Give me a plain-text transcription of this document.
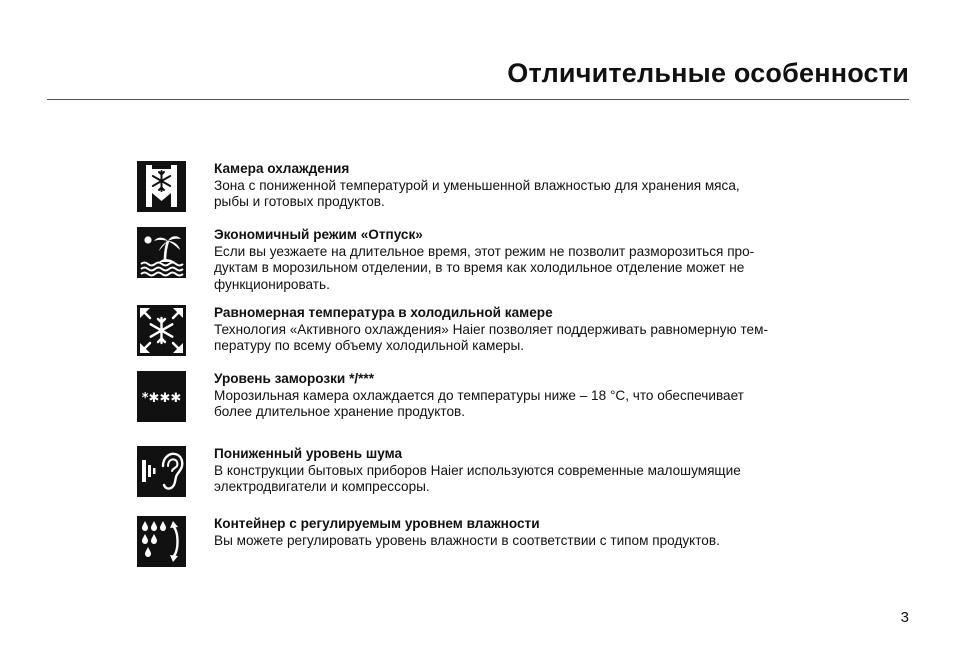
Отличительные особенности
Камера охлаждения
Зона с пониженной температурой и уменьшенной влажностью для хранения мяса,
рыбы и готовых продуктов.
Экономичный режим «Отпуск»
Если вы уезжаете на длительное время, этот режим не позволит разморозиться про-
дуктам в морозильном отделении, в то время как холодильное отделение может не
функционировать.
Равномерная температура в холодильной камере
Технология «Активного охлаждения» Haier позволяет поддерживать равномерную тем-
пературу по всему объему холодильной камеры.
*✱✱✱
Уровень заморозки */***
Морозильная камера охлаждается до температуры ниже – 18 °С, что обеспечивает
более длительное хранение продуктов.
Пониженный уровень шума
В конструкции бытовых приборов Haier используются современные малошумящие
электродвигатели и компрессоры.
Контейнер с регулируемым уровнем влажности
Вы можете регулировать уровень влажности в соответствии с типом продуктов.
3
